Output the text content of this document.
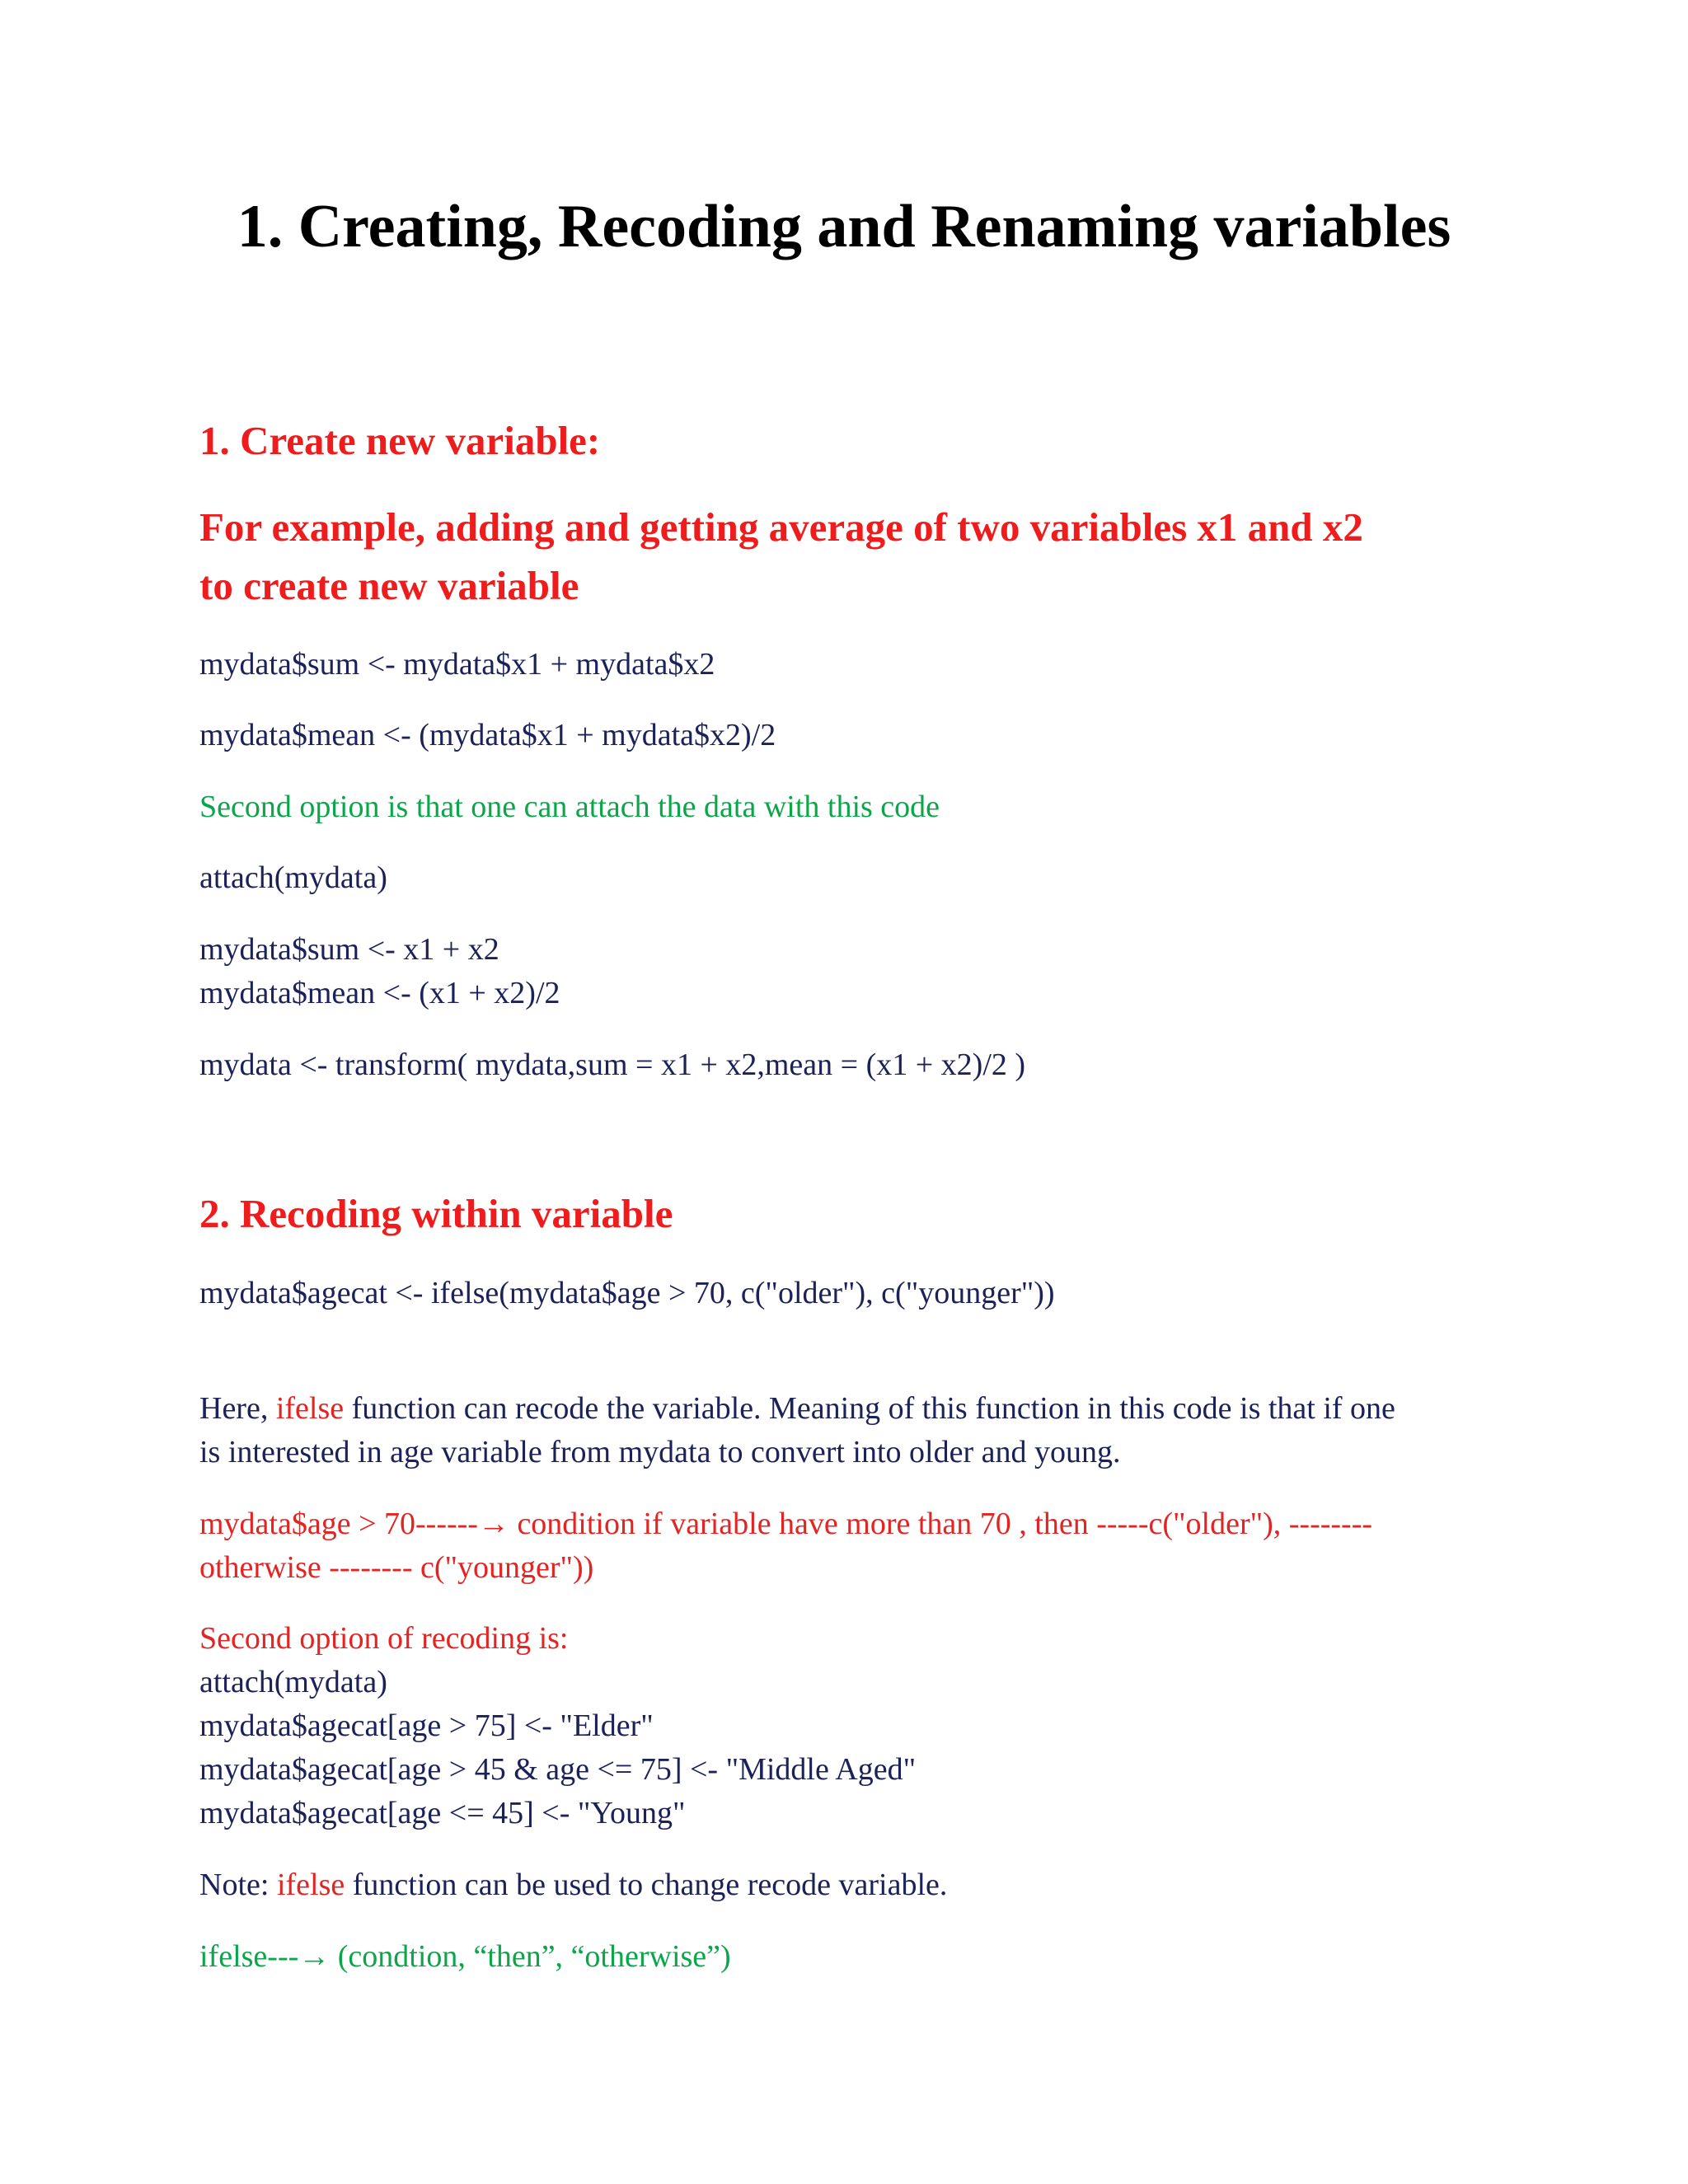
1. Creating, Recoding and Renaming variables
1. Create new variable:
For example, adding and getting average of two variables x1 and x2
to create new variable
mydata$sum <- mydata$x1 + mydata$x2
mydata$mean <- (mydata$x1 + mydata$x2)/2
Second option is that one can attach the data with this code
attach(mydata)
mydata$sum <- x1 + x2
mydata$mean <- (x1 + x2)/2
mydata <- transform( mydata,sum = x1 + x2,mean = (x1 + x2)/2 )
2. Recoding within variable
mydata$agecat <- ifelse(mydata$age > 70, c("older"), c("younger"))
Here, ifelse function can recode the variable. Meaning of this function in this code is that if one
is interested in age variable from mydata to convert into older and young.
mydata$age > 70------→ condition if variable have more than 70 , then -----c("older"), --------
otherwise -------- c("younger"))
Second option of recoding is:
attach(mydata)
mydata$agecat[age > 75] <- "Elder"
mydata$agecat[age > 45 & age <= 75] <- "Middle Aged"
mydata$agecat[age <= 45] <- "Young"
Note: ifelse function can be used to change recode variable.
ifelse---→ (condtion, “then”, “otherwise”)
